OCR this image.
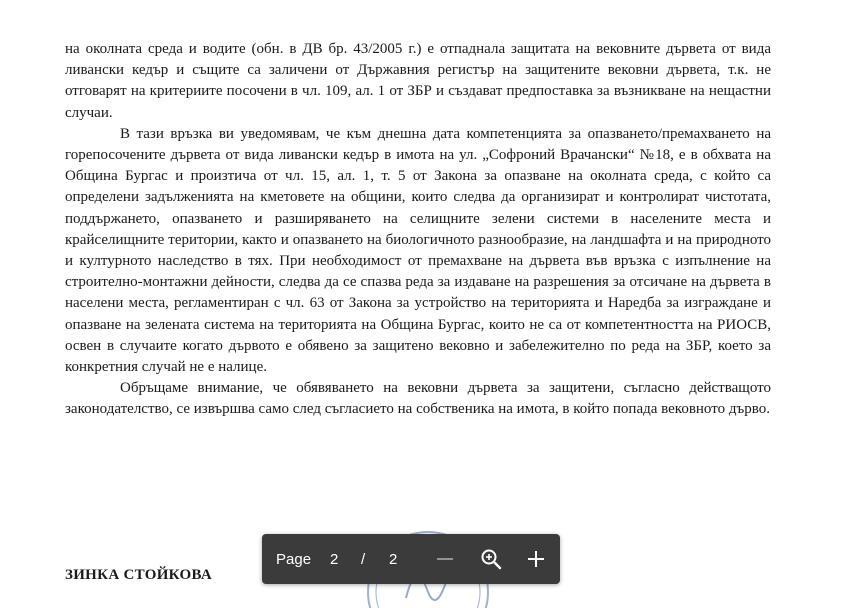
на околната среда и водите (обн. в ДВ бр. 43/2005 г.) е отпаднала защитата на вековните дървета от вида ливански кедър и същите са заличени от Държавния регистър на защитените вековни дървета, т.к. не отговарят на критериите посочени в чл. 109, ал. 1 от ЗБР и създават предпоставка за възникване на нещастни случаи.

В тази връзка ви уведомявам, че към днешна дата компетенцията за опазването/премахването на горепосочените дървета от вида ливански кедър в имота на ул. „Софроний Врачански“ №18, е в обхвата на Община Бургас и произтича от чл. 15, ал. 1, т. 5 от Закона за опазване на околната среда, с който са определени задълженията на кметовете на общини, които следва да организират и контролират чистотата, поддържането, опазването и разширяването на селищните зелени системи в населените места и крайселищните територии, както и опазването на биологичното разнообразие, на ландшафта и на природното и културното наследство в тях. При необходимост от премахване на дървета във връзка с изпълнение на строително-монтажни дейности, следва да се спазва реда за издаване на разрешения за отсичане на дървета в населени места, регламентиран с чл. 63 от Закона за устройство на територията и Наредба за изграждане и опазване на зелената система на територията на Община Бургас, които не са от компетентността на РИОСВ, освен в случаите когато дървото е обявено за защитено вековно и забележително по реда на ЗБР, което за конкретния случай не е налице.

Обръщаме внимание, че обявяването на вековни дървета за защитени, съгласно действащото законодателство, се извършва само след съгласието на собственика на имота, в който попада вековното дърво.

ЗИНКА СТОЙКОВА
Page 2 / 2
